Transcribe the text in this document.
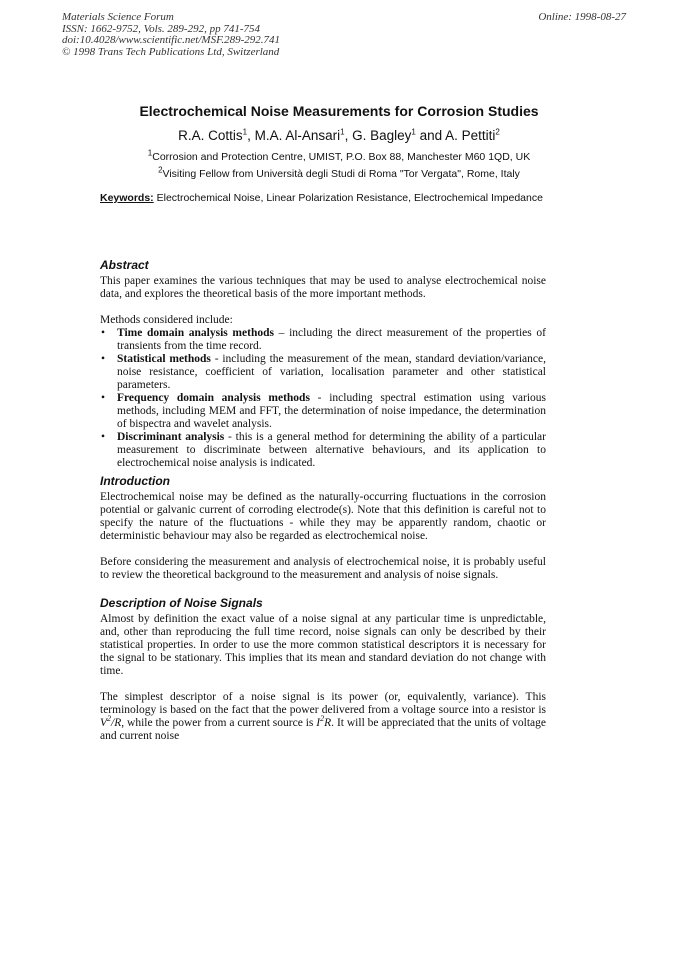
Materials Science Forum
ISSN: 1662-9752, Vols. 289-292, pp 741-754
doi:10.4028/www.scientific.net/MSF.289-292.741
© 1998 Trans Tech Publications Ltd, Switzerland
Online: 1998-08-27
Electrochemical Noise Measurements for Corrosion Studies
R.A. Cottis$^1$, M.A. Al-Ansari$^1$, G. Bagley$^1$ and A. Pettiti$^2$
$^1$Corrosion and Protection Centre, UMIST, P.O. Box 88, Manchester M60 1QD, UK
$^2$Visiting Fellow from Università degli Studi di Roma "Tor Vergata", Rome, Italy
Keywords: Electrochemical Noise, Linear Polarization Resistance, Electrochemical Impedance
Abstract

This paper examines the various techniques that may be used to analyse electrochemical noise data, and explores the theoretical basis of the more important methods.

Methods considered include:

• Time domain analysis methods – including the direct measurement of the properties of transients from the time record.
• Statistical methods - including the measurement of the mean, standard deviation/variance, noise resistance, coefficient of variation, localisation parameter and other statistical parameters.
• Frequency domain analysis methods - including spectral estimation using various methods, including MEM and FFT, the determination of noise impedance, the determination of bispectra and wavelet analysis.
• Discriminant analysis - this is a general method for determining the ability of a particular measurement to discriminate between alternative behaviours, and its application to electrochemical noise analysis is indicated.
Introduction

Electrochemical noise may be defined as the naturally-occurring fluctuations in the corrosion potential or galvanic current of corroding electrode(s). Note that this definition is careful not to specify the nature of the fluctuations - while they may be apparently random, chaotic or deterministic behaviour may also be regarded as electrochemical noise.

Before considering the measurement and analysis of electrochemical noise, it is probably useful to review the theoretical background to the measurement and analysis of noise signals.

Description of Noise Signals

Almost by definition the exact value of a noise signal at any particular time is unpredictable, and, other than reproducing the full time record, noise signals can only be described by their statistical properties. In order to use the more common statistical descriptors it is necessary for the signal to be stationary. This implies that its mean and standard deviation do not change with time.

The simplest descriptor of a noise signal is its power (or, equivalently, variance). This terminology is based on the fact that the power delivered from a voltage source into a resistor is $V^2/R$, while the power from a current source is $I^2R$. It will be appreciated that the units of voltage and current noise
